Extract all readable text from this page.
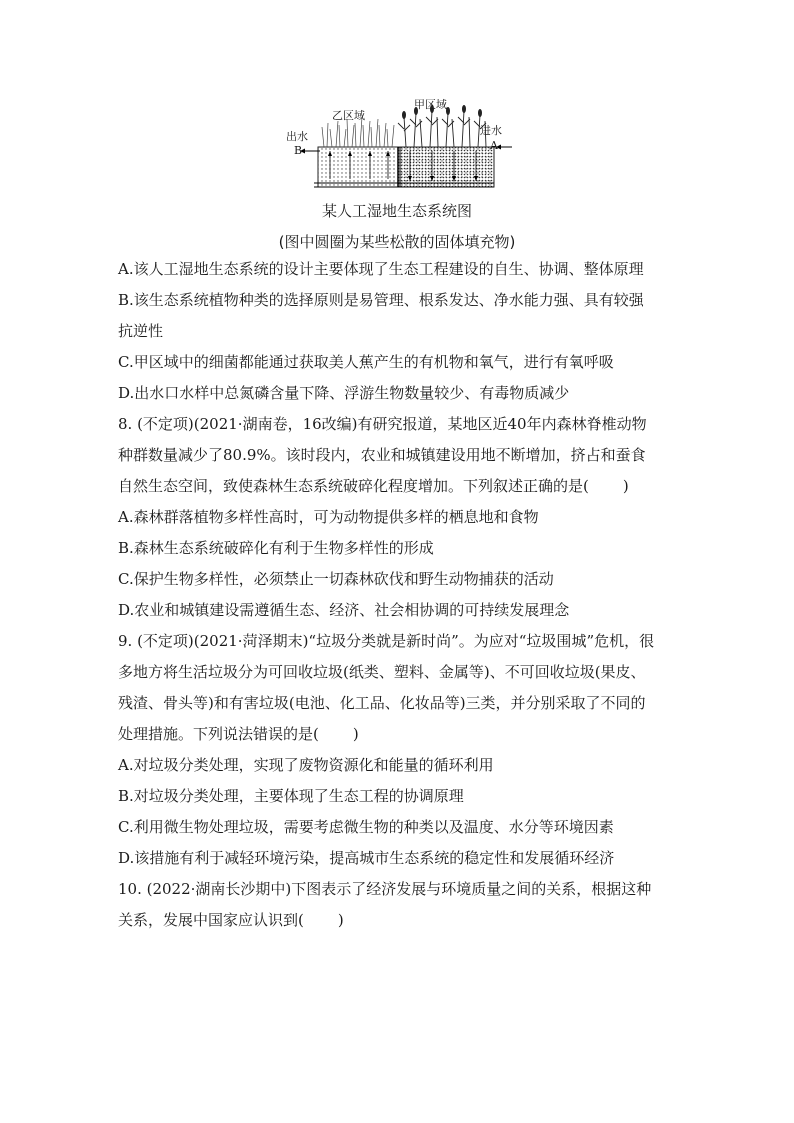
乙区域
甲区域
出水
B
进水
A
某人工湿地生态系统图
(图中圆圈为某些松散的固体填充物)
A.该人工湿地生态系统的设计主要体现了生态工程建设的自生、协调、整体原理
B.该生态系统植物种类的选择原则是易管理、根系发达、净水能力强、具有较强
抗逆性
C.甲区域中的细菌都能通过获取美人蕉产生的有机物和氧气，进行有氧呼吸
D.出水口水样中总氮磷含量下降、浮游生物数量较少、有毒物质减少
8. (不定项)(2021·湖南卷，16改编)有研究报道，某地区近40年内森林脊椎动物
种群数量减少了80.9%。该时段内，农业和城镇建设用地不断增加，挤占和蚕食
自然生态空间，致使森林生态系统破碎化程度增加。下列叙述正确的是( )
A.森林群落植物多样性高时，可为动物提供多样的栖息地和食物
B.森林生态系统破碎化有利于生物多样性的形成
C.保护生物多样性，必须禁止一切森林砍伐和野生动物捕获的活动
D.农业和城镇建设需遵循生态、经济、社会相协调的可持续发展理念
9. (不定项)(2021·菏泽期末)“垃圾分类就是新时尚”。为应对“垃圾围城”危机，很
多地方将生活垃圾分为可回收垃圾(纸类、塑料、金属等)、不可回收垃圾(果皮、
残渣、骨头等)和有害垃圾(电池、化工品、化妆品等)三类，并分别采取了不同的
处理措施。下列说法错误的是( )
A.对垃圾分类处理，实现了废物资源化和能量的循环利用
B.对垃圾分类处理，主要体现了生态工程的协调原理
C.利用微生物处理垃圾，需要考虑微生物的种类以及温度、水分等环境因素
D.该措施有利于减轻环境污染，提高城市生态系统的稳定性和发展循环经济
10. (2022·湖南长沙期中)下图表示了经济发展与环境质量之间的关系，根据这种
关系，发展中国家应认识到( )
